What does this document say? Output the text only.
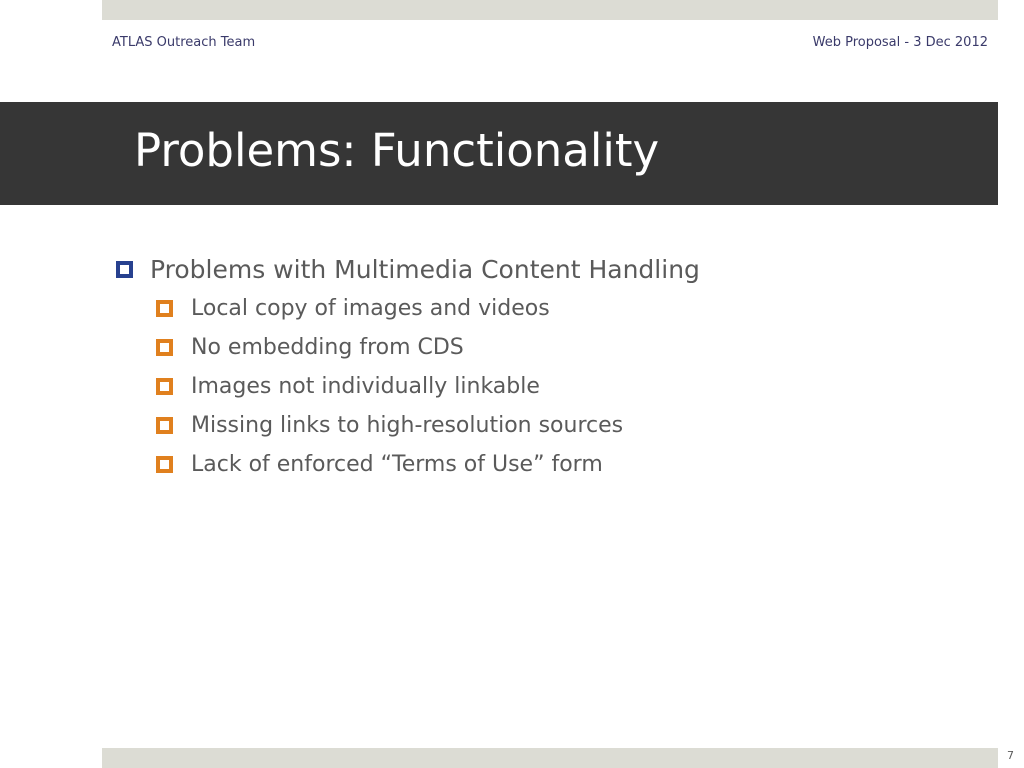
ATLAS Outreach Team	Web Proposal - 3 Dec 2012
Problems: Functionality
Problems with Multimedia Content Handling
Local copy of images and videos
No embedding from CDS
Images not individually linkable
Missing links to high-resolution sources
Lack of enforced “Terms of Use” form
7
